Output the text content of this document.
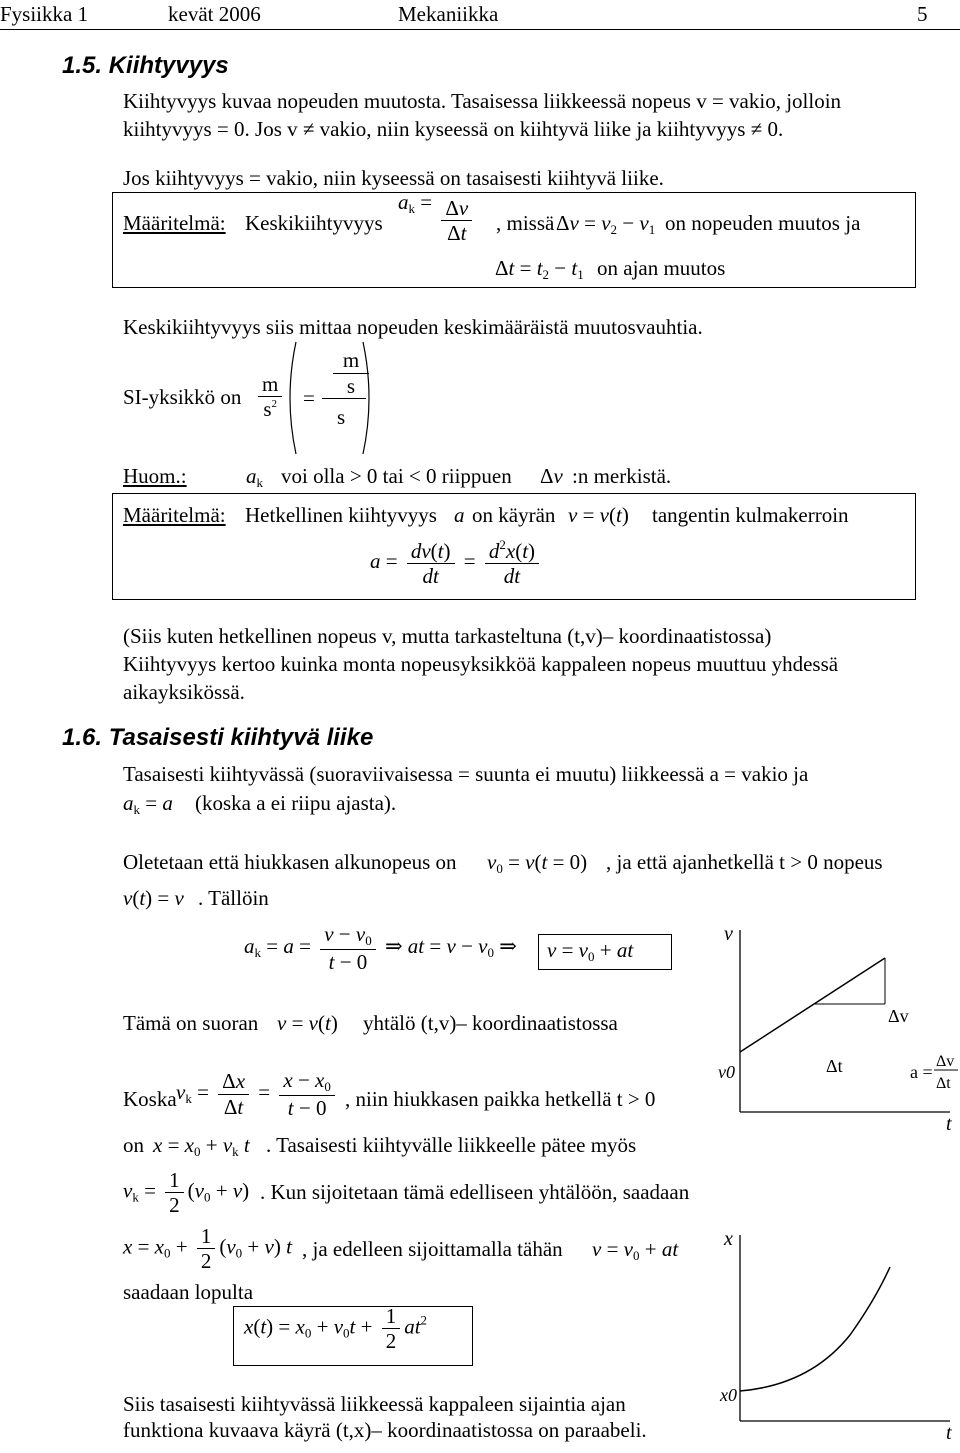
Fysiikka 1	kevät 2006	Mekaniikka	5
1.5. Kiihtyvyys
Kiihtyvyys kuvaa nopeuden muutosta. Tasaisessa liikkeessä nopeus v = vakio, jolloin
kiihtyvyys = 0. Jos v ≠ vakio, niin kyseessä on kiihtyvä liike ja kiihtyvyys ≠ 0.
Jos kiihtyvyys = vakio, niin kyseessä on tasaisesti kiihtyvä liike.
Määritelmä: Keskikiihtyvyys
$a_k = \frac{\Delta v}{\Delta t}$ , missä $\Delta v = v_2 - v_1$ on nopeuden muutos ja
$\Delta t = t_2 - t_1$ on ajan muutos
Keskikiihtyvyys siis mittaa nopeuden keskimääräistä muutosvauhtia.
SI-yksikkö on $\frac{m}{s^2}$ =
m
s
s
Huom.:	$a_k$ voi olla > 0 tai < 0 riippuen Δv :n merkistä.
Määritelmä: Hetkellinen kiihtyvyys a on käyrän v = v(t) tangentin kulmakerroin
$a = \frac{dv(t)}{dt} = \frac{d^2x(t)}{dt}$
(Siis kuten hetkellinen nopeus v, mutta tarkasteltuna (t,v)– koordinaatistossa)
Kiihtyvyys kertoo kuinka monta nopeusyksikköä kappaleen nopeus muuttuu yhdessä
aikayksikössä.
1.6. Tasaisesti kiihtyvä liike
Tasaisesti kiihtyvässä (suoraviivaisessa = suunta ei muutu) liikkeessä a = vakio ja
$a_k = a$ (koska a ei riipu ajasta).
Oletetaan että hiukkasen alkunopeus on $v_0 = v(t = 0)$ , ja että ajanhetkellä t > 0 nopeus
v(t) = v . Tällöin
$a_k = a = \frac{v - v_0}{t - 0}$ ⇒ at = $v - v_0$ ⇒ $v = v_0$ + at
Tämä on suoran v = v(t) yhtälö (t,v)– koordinaatistossa
Koska $v_k = \frac{\Delta x}{\Delta t} = \frac{x - x_0}{t - 0}$ , niin hiukkasen paikka hetkellä t > 0
on $x = x_0 + v_k$ t . Tasaisesti kiihtyvälle liikkeelle pätee myös
$v_k = \frac{1}{2} (v_0 + v)$ . Kun sijoitetaan tämä edelliseen yhtälöön, saadaan
$x = x_0 + \frac{1}{2} (v_0 + v)$ t , ja edelleen sijoittamalla tähän $v = v_0$ + at
saadaan lopulta
$x(t) = x_0 + v_0t + \frac{1}{2} at^2$
Siis tasaisesti kiihtyvässä liikkeessä kappaleen sijaintia ajan
funktiona kuvaava käyrä (t,x)– koordinaatistossa on paraabeli.
v
t
v0
Δv
Δt	a =
Δv
Δt
x
t
x0
